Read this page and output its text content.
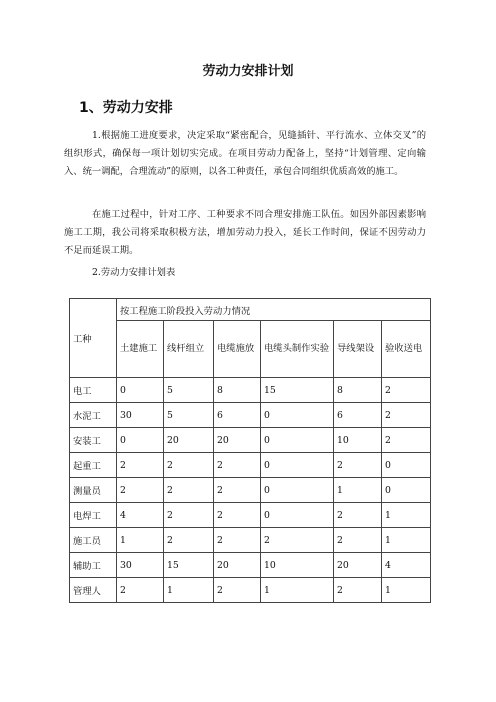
劳动力安排计划
1、劳动力安排
1.根据施工进度要求，决定采取“紧密配合，见缝插针、平行流水、立体交叉”的组织形式，确保每一项计划切实完成。在项目劳动力配备上，坚持“计划管理、定向输入、统一调配，合理流动”的原则，以各工种责任，承包合同组织优质高效的施工。
在施工过程中，针对工序、工种要求不同合理安排施工队伍。如因外部因素影响施工工期，我公司将采取积极方法，增加劳动力投入，延长工作时间，保证不因劳动力不足而延误工期。
2.劳动力安排计划表
工种	按工程施工阶段投入劳动力情况					
	土建施工	线杆组立	电缆施放	电缆头制作实验	导线架设	验收送电
电工	0	5	8	15	8	2
水泥工	30	5	6	0	6	2
安装工	0	20	20	0	10	2
起重工	2	2	2	0	2	0
测量员	2	2	2	0	1	0
电焊工	4	2	2	0	2	1
施工员	1	2	2	2	2	1
辅助工	30	15	20	10	20	4
管理人	2	1	2	1	2	1
